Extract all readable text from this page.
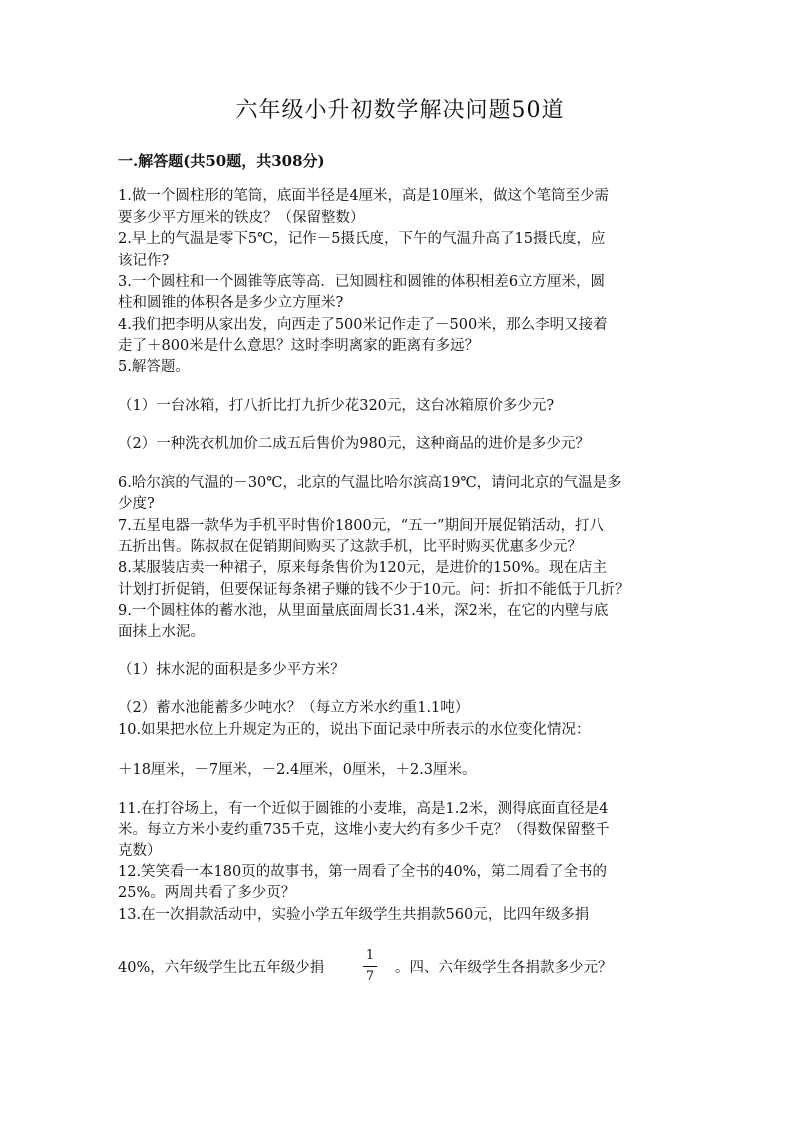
六年级小升初数学解决问题50道
一.解答题(共50题，共308分)
1.做一个圆柱形的笔筒，底面半径是4厘米，高是10厘米，做这个笔筒至少需
要多少平方厘米的铁皮？（保留整数）
2.早上的气温是零下5℃，记作－5摄氏度，下午的气温升高了15摄氏度，应
该记作?
3.一个圆柱和一个圆锥等底等高．已知圆柱和圆锥的体积相差6立方厘米，圆
柱和圆锥的体积各是多少立方厘米?
4.我们把李明从家出发，向西走了500米记作走了－500米，那么李明又接着
走了＋800米是什么意思？这时李明离家的距离有多远？
5.解答题。
（1）一台冰箱，打八折比打九折少花320元，这台冰箱原价多少元?
（2）一种洗衣机加价二成五后售价为980元，这种商品的进价是多少元？
6.哈尔滨的气温的－30℃，北京的气温比哈尔滨高19℃，请问北京的气温是多
少度?
7.五星电器一款华为手机平时售价1800元，“五一”期间开展促销活动，打八
五折出售。陈叔叔在促销期间购买了这款手机，比平时购买优惠多少元？
8.某服装店卖一种裙子，原来每条售价为120元，是进价的150%。现在店主
计划打折促销，但要保证每条裙子赚的钱不少于10元。问：折扣不能低于几折？
9.一个圆柱体的蓄水池，从里面量底面周长31.4米，深2米，在它的内壁与底
面抹上水泥。
（1）抹水泥的面积是多少平方米？
（2）蓄水池能蓄多少吨水？（每立方米水约重1.1吨）
10.如果把水位上升规定为正的，说出下面记录中所表示的水位变化情况：
＋18厘米，－7厘米，－2.4厘米，0厘米，＋2.3厘米。
11.在打谷场上，有一个近似于圆锥的小麦堆，高是1.2米，测得底面直径是4
米。每立方米小麦约重735千克，这堆小麦大约有多少千克？（得数保留整千
克数）
12.笑笑看一本180页的故事书，第一周看了全书的40%，第二周看了全书的
25%。两周共看了多少页？
13.在一次捐款活动中，实验小学五年级学生共捐款560元，比四年级多捐
40%，六年级学生比五年级少捐
1
7
。四、六年级学生各捐款多少元？
